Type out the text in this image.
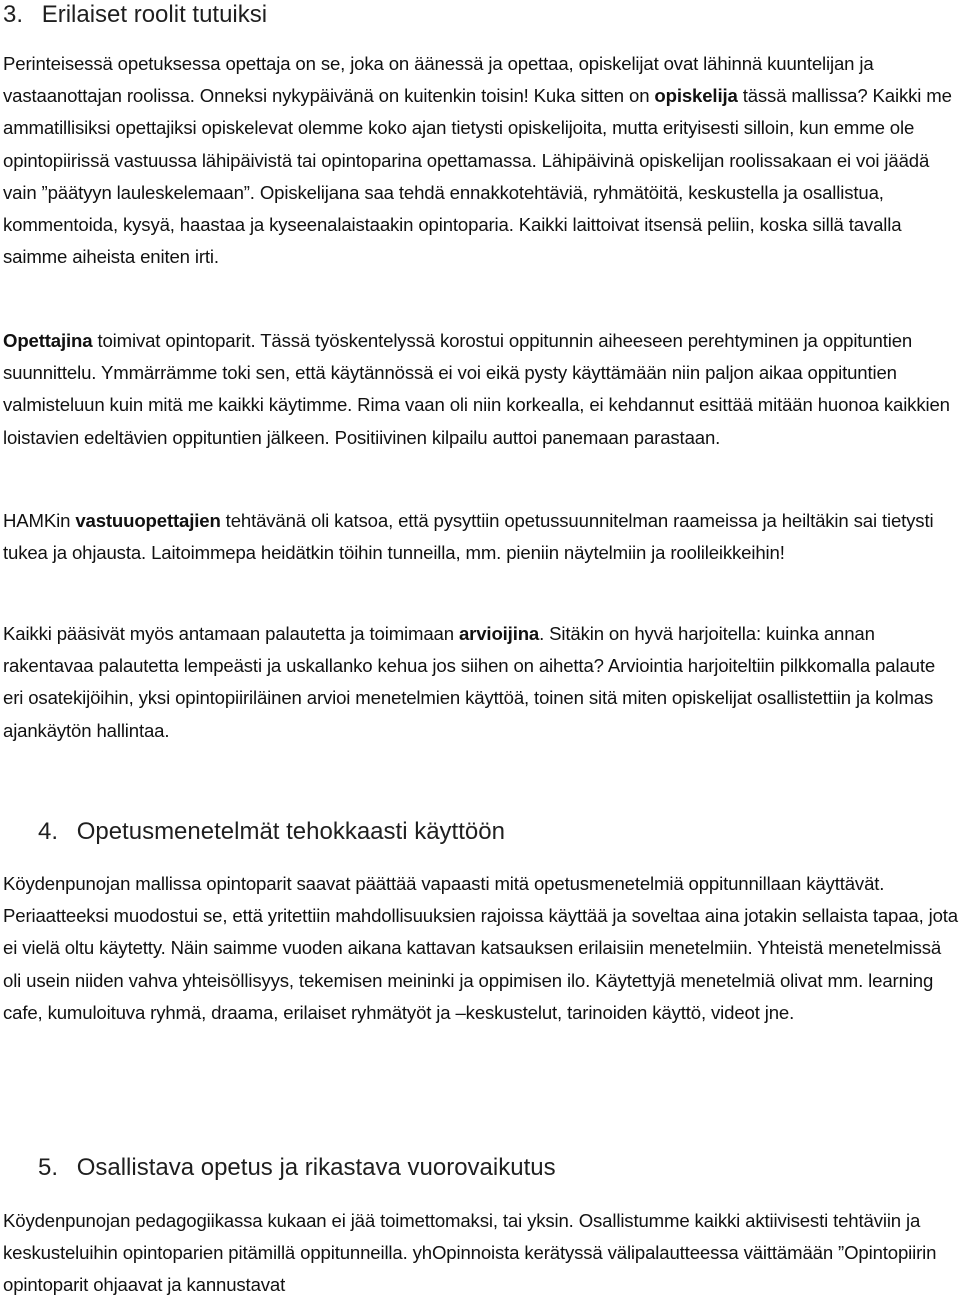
3. Erilaiset roolit tutuiksi
Perinteisessä opetuksessa opettaja on se, joka on äänessä ja opettaa, opiskelijat ovat lähinnä kuuntelijan ja vastaanottajan roolissa. Onneksi nykypäivänä on kuitenkin toisin! Kuka sitten on opiskelija tässä mallissa? Kaikki me ammatillisiksi opettajiksi opiskelevat olemme koko ajan tietysti opiskelijoita, mutta erityisesti silloin, kun emme ole opintopiirissä vastuussa lähipäivistä tai opintoparina opettamassa. Lähipäivinä opiskelijan roolissakaan ei voi jäädä vain ”päätyyn lauleskelemaan”. Opiskelijana saa tehdä ennakkotehtäviä, ryhmätöitä, keskustella ja osallistua, kommentoida, kysyä, haastaa ja kyseenalaistaakin opintoparia. Kaikki laittoivat itsensä peliin, koska sillä tavalla saimme aiheista eniten irti.
Opettajina toimivat opintoparit. Tässä työskentelyssä korostui oppitunnin aiheeseen perehtyminen ja oppituntien suunnittelu. Ymmärrämme toki sen, että käytännössä ei voi eikä pysty käyttämään niin paljon aikaa oppituntien valmisteluun kuin mitä me kaikki käytimme. Rima vaan oli niin korkealla, ei kehdannut esittää mitään huonoa kaikkien loistavien edeltävien oppituntien jälkeen. Positiivinen kilpailu auttoi panemaan parastaan.
HAMKin vastuuopettajien tehtävänä oli katsoa, että pysyttiin opetussuunnitelman raameissa ja heiltäkin sai tietysti tukea ja ohjausta. Laitoimmepa heidätkin töihin tunneilla, mm. pieniin näytelmiin ja roolileikkeihin!
Kaikki pääsivät myös antamaan palautetta ja toimimaan arvioijina. Sitäkin on hyvä harjoitella: kuinka annan rakentavaa palautetta lempeästi ja uskallanko kehua jos siihen on aihetta? Arviointia harjoiteltiin pilkkomalla palaute eri osatekijöihin, yksi opintopiiriläinen arvioi menetelmien käyttöä, toinen sitä miten opiskelijat osallistettiin ja kolmas ajankäytön hallintaa.
4. Opetusmenetelmät tehokkaasti käyttöön
Köydenpunojan mallissa opintoparit saavat päättää vapaasti mitä opetusmenetelmiä oppitunnillaan käyttävät. Periaatteeksi muodostui se, että yritettiin mahdollisuuksien rajoissa käyttää ja soveltaa aina jotakin sellaista tapaa, jota ei vielä oltu käytetty. Näin saimme vuoden aikana kattavan katsauksen erilaisiin menetelmiin. Yhteistä menetelmissä oli usein niiden vahva yhteisöllisyys, tekemisen meininki ja oppimisen ilo. Käytettyjä menetelmiä olivat mm. learning cafe, kumuloituva ryhmä, draama, erilaiset ryhmätyöt ja –keskustelut, tarinoiden käyttö, videot jne.
5. Osallistava opetus ja rikastava vuorovaikutus
Köydenpunojan pedagogiikassa kukaan ei jää toimettomaksi, tai yksin. Osallistumme kaikki aktiivisesti tehtäviin ja keskusteluihin opintoparien pitämillä oppitunneilla. yhOpinnoista kerätyssä välipalautteessa väittämään ”Opintopiirin opintoparit ohjaavat ja kannustavat
